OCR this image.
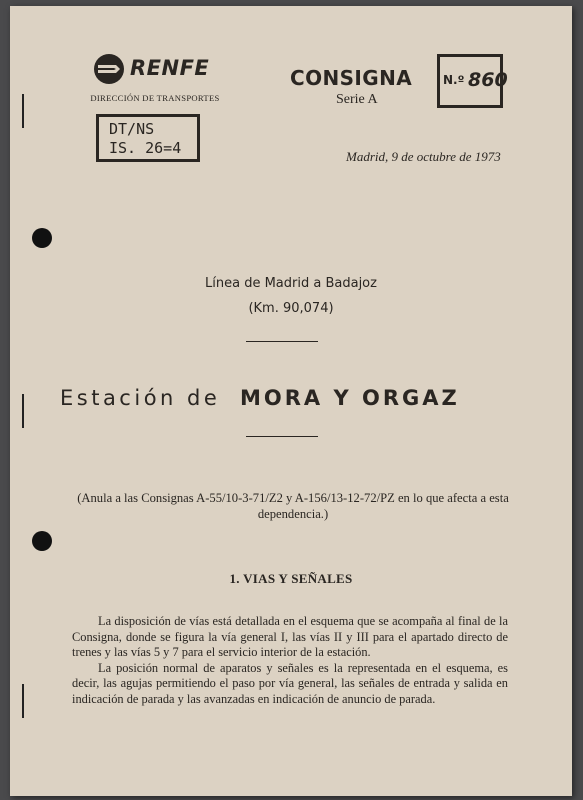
RENFE
DIRECCIÓN DE TRANSPORTES
DT/NS
IS. 26=4
CONSIGNA
Serie A
N.º 860
Madrid, 9 de octubre de 1973
Línea de Madrid a Badajoz
(Km. 90,074)
Estación de MORA Y ORGAZ
(Anula a las Consignas A-55/10-3-71/Z2 y A-156/13-12-72/PZ en lo que afecta a esta dependencia.)
1. VIAS Y SEÑALES

La disposición de vías está detallada en el esquema que se acompaña al final de la Consigna, donde se figura la vía general I, las vías II y III para el apartado directo de trenes y las vías 5 y 7 para el servicio interior de la estación.

La posición normal de aparatos y señales es la representada en el esquema, es decir, las agujas permitiendo el paso por vía general, las señales de entrada y salida en indicación de parada y las avanzadas en indicación de anuncio de parada.
